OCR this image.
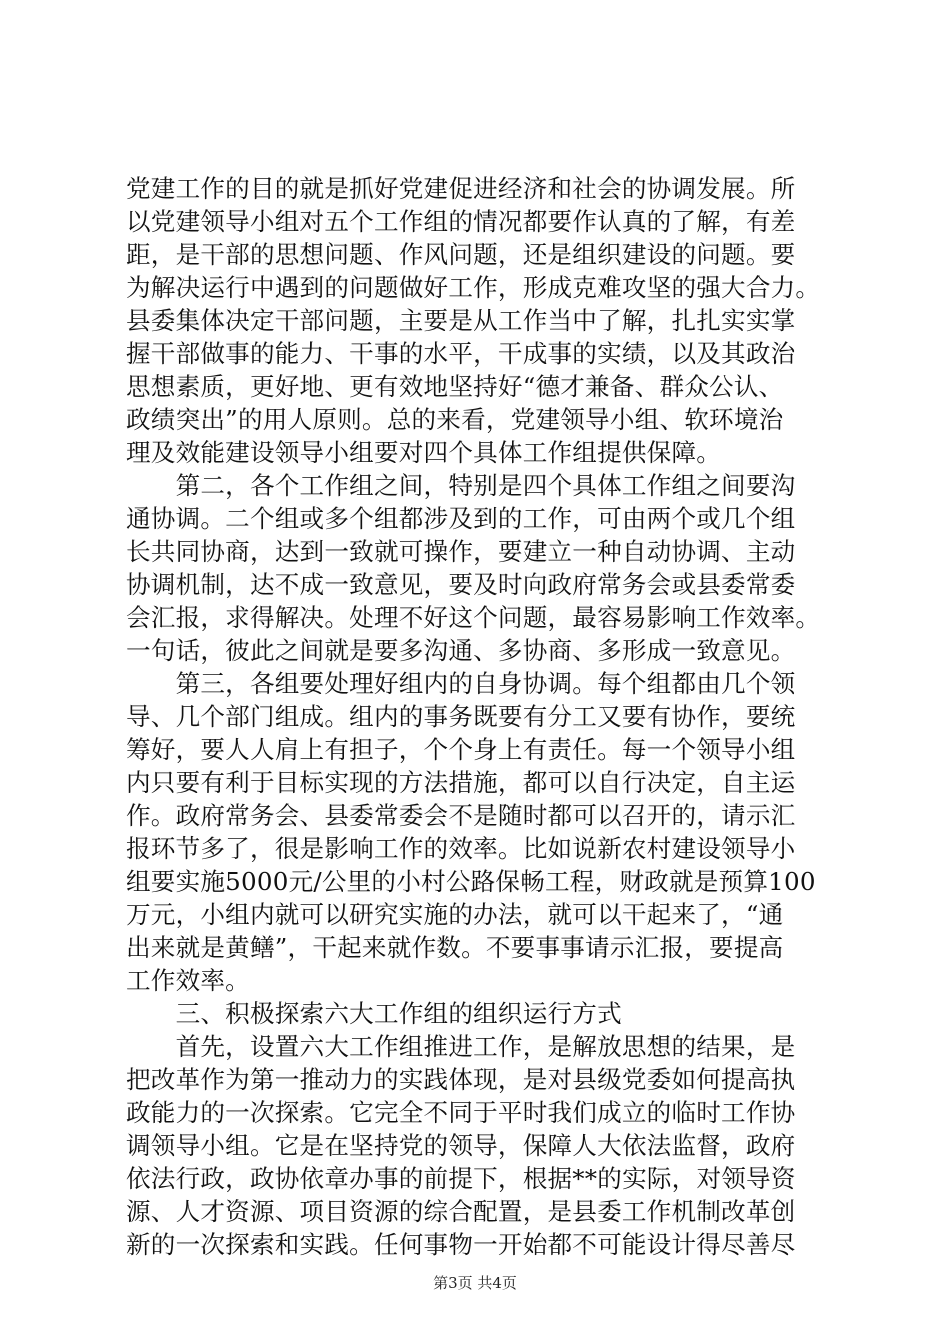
党建工作的目的就是抓好党建促进经济和社会的协调发展。所
以党建领导小组对五个工作组的情况都要作认真的了解，有差
距，是干部的思想问题、作风问题，还是组织建设的问题。要
为解决运行中遇到的问题做好工作，形成克难攻坚的强大合力。
县委集体决定干部问题，主要是从工作当中了解，扎扎实实掌
握干部做事的能力、干事的水平，干成事的实绩，以及其政治
思想素质，更好地、更有效地坚持好“德才兼备、群众公认、
政绩突出”的用人原则。总的来看，党建领导小组、软环境治
理及效能建设领导小组要对四个具体工作组提供保障。
　　第二，各个工作组之间，特别是四个具体工作组之间要沟
通协调。二个组或多个组都涉及到的工作，可由两个或几个组
长共同协商，达到一致就可操作，要建立一种自动协调、主动
协调机制，达不成一致意见，要及时向政府常务会或县委常委
会汇报，求得解决。处理不好这个问题，最容易影响工作效率。
一句话，彼此之间就是要多沟通、多协商、多形成一致意见。
　　第三，各组要处理好组内的自身协调。每个组都由几个领
导、几个部门组成。组内的事务既要有分工又要有协作，要统
筹好，要人人肩上有担子，个个身上有责任。每一个领导小组
内只要有利于目标实现的方法措施，都可以自行决定，自主运
作。政府常务会、县委常委会不是随时都可以召开的，请示汇
报环节多了，很是影响工作的效率。比如说新农村建设领导小
组要实施5000元/公里的小村公路保畅工程，财政就是预算100
万元，小组内就可以研究实施的办法，就可以干起来了，“通
出来就是黄鳝”，干起来就作数。不要事事请示汇报，要提高
工作效率。
　　三、积极探索六大工作组的组织运行方式
　　首先，设置六大工作组推进工作，是解放思想的结果，是
把改革作为第一推动力的实践体现，是对县级党委如何提高执
政能力的一次探索。它完全不同于平时我们成立的临时工作协
调领导小组。它是在坚持党的领导，保障人大依法监督，政府
依法行政，政协依章办事的前提下，根据**的实际，对领导资
源、人才资源、项目资源的综合配置，是县委工作机制改革创
新的一次探索和实践。任何事物一开始都不可能设计得尽善尽
第3页 共4页
